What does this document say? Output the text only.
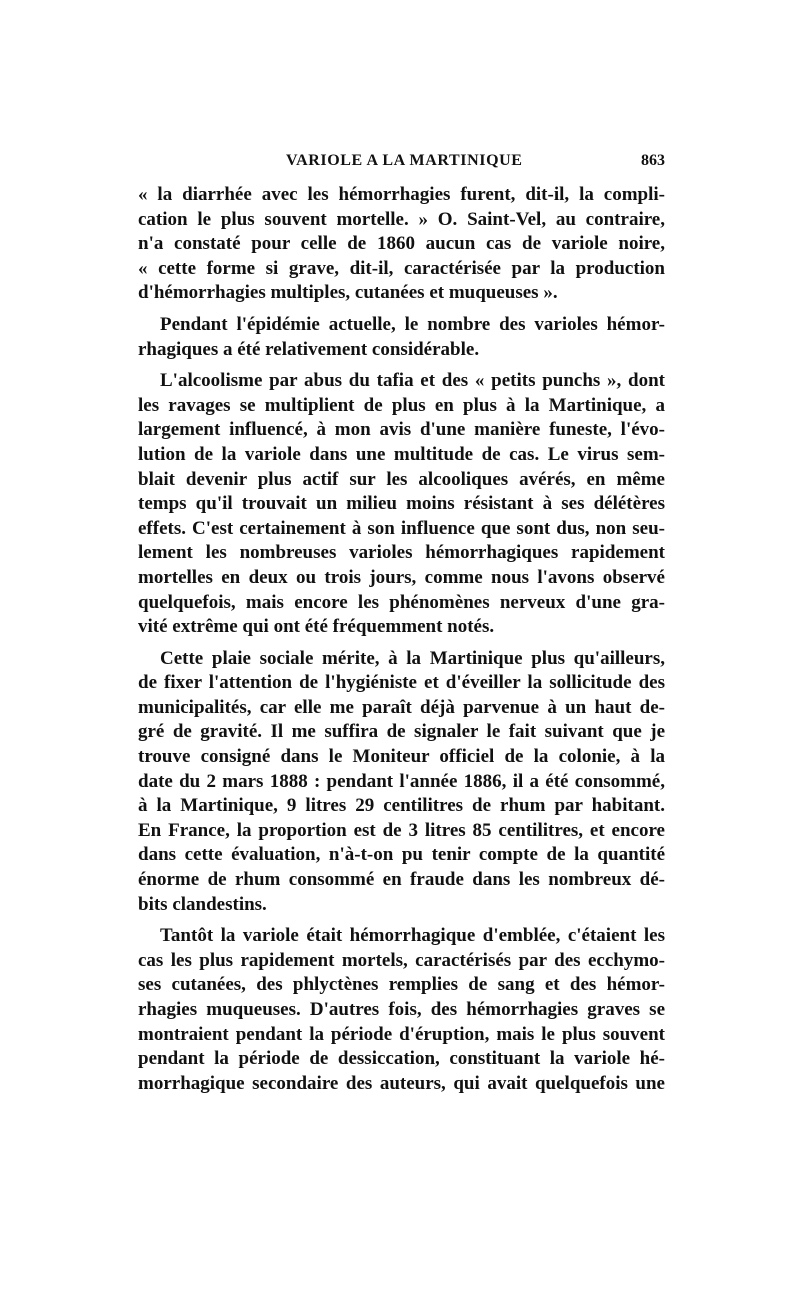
VARIOLE A LA MARTINIQUE	863
« la diarrhée avec les hémorrhagies furent, dit-il, la compli-
cation le plus souvent mortelle. » O. Saint-Vel, au contraire,
n'a constaté pour celle de 1860 aucun cas de variole noire,
« cette forme si grave, dit-il, caractérisée par la production
d'hémorrhagies multiples, cutanées et muqueuses ».
Pendant l'épidémie actuelle, le nombre des varioles hémor-
rhagiques a été relativement considérable.
L'alcoolisme par abus du tafia et des « petits punchs », dont
les ravages se multiplient de plus en plus à la Martinique, a
largement influencé, à mon avis d'une manière funeste, l'évo-
lution de la variole dans une multitude de cas. Le virus sem-
blait devenir plus actif sur les alcooliques avérés, en même
temps qu'il trouvait un milieu moins résistant à ses délétères
effets. C'est certainement à son influence que sont dus, non seu-
lement les nombreuses varioles hémorrhagiques rapidement
mortelles en deux ou trois jours, comme nous l'avons observé
quelquefois, mais encore les phénomènes nerveux d'une gra-
vité extrême qui ont été fréquemment notés.
Cette plaie sociale mérite, à la Martinique plus qu'ailleurs,
de fixer l'attention de l'hygiéniste et d'éveiller la sollicitude des
municipalités, car elle me paraît déjà parvenue à un haut de-
gré de gravité. Il me suffira de signaler le fait suivant que je
trouve consigné dans le Moniteur officiel de la colonie, à la
date du 2 mars 1888 : pendant l'année 1886, il a été consommé,
à la Martinique, 9 litres 29 centilitres de rhum par habitant.
En France, la proportion est de 3 litres 85 centilitres, et encore
dans cette évaluation, n'à-t-on pu tenir compte de la quantité
énorme de rhum consommé en fraude dans les nombreux dé-
bits clandestins.
Tantôt la variole était hémorrhagique d'emblée, c'étaient les
cas les plus rapidement mortels, caractérisés par des ecchymo-
ses cutanées, des phlyctènes remplies de sang et des hémor-
rhagies muqueuses. D'autres fois, des hémorrhagies graves se
montraient pendant la période d'éruption, mais le plus souvent
pendant la période de dessiccation, constituant la variole hé-
morrhagique secondaire des auteurs, qui avait quelquefois une
